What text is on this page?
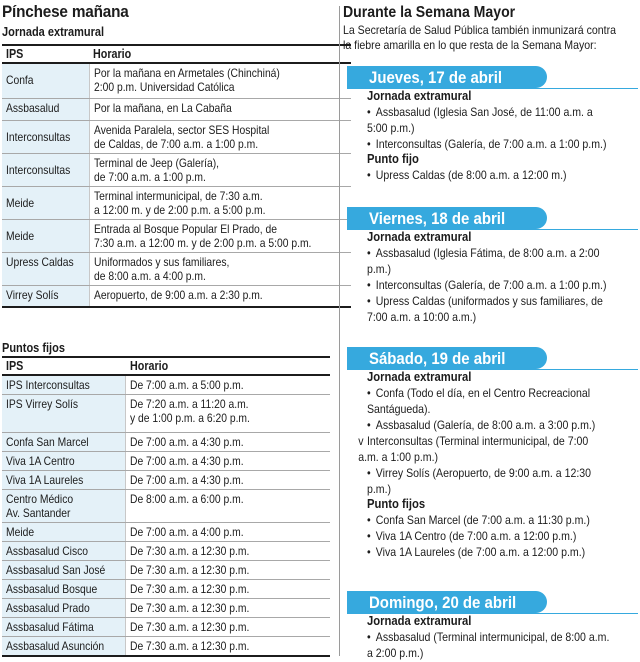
Pínchese mañana
Jornada extramural
IPS	Horario
Confa	Por la mañana en Armetales (Chinchiná)
2:00 p.m. Universidad Católica
Assbasalud	Por la mañana, en La Cabaña
Interconsultas	Avenida Paralela, sector SES Hospital
de Caldas, de 7:00 a.m. a 1:00 p.m.
Interconsultas	Terminal de Jeep (Galería),
de 7:00 a.m. a 1:00 p.m.
Meide	Terminal intermunicipal, de 7:30 a.m.
a 12:00 m. y de 2:00 p.m. a 5:00 p.m.
Meide	Entrada al Bosque Popular El Prado, de
7:30 a.m. a 12:00 m. y de 2:00 p.m. a 5:00 p.m.
Upress Caldas	Uniformados y sus familiares,
de 8:00 a.m. a 4:00 p.m.
Virrey Solís	Aeropuerto, de 9:00 a.m. a 2:30 p.m.
Puntos fijos
IPS	Horario
IPS Interconsultas	De 7:00 a.m. a 5:00 p.m.
IPS Virrey Solís	De 7:20 a.m. a 11:20 a.m.
y de 1:00 p.m. a 6:20 p.m.
Confa San Marcel	De 7:00 a.m. a 4:30 p.m.
Viva 1A Centro	De 7:00 a.m. a 4:30 p.m.
Viva 1A Laureles	De 7:00 a.m. a 4:30 p.m.
Centro Médico
Av. Santander	De 8:00 a.m. a 6:00 p.m.
Meide	De 7:00 a.m. a 4:00 p.m.
Assbasalud Cisco	De 7:30 a.m. a 12:30 p.m.
Assbasalud San José	De 7:30 a.m. a 12:30 p.m.
Assbasalud Bosque	De 7:30 a.m. a 12:30 p.m.
Assbasalud Prado	De 7:30 a.m. a 12:30 p.m.
Assbasalud Fátima	De 7:30 a.m. a 12:30 p.m.
Assbasalud Asunción	De 7:30 a.m. a 12:30 p.m.
Durante la Semana Mayor
La Secretaría de Salud Pública también inmunizará contra
la fiebre amarilla en lo que resta de la Semana Mayor:
Jueves, 17 de abril
Jornada extramural
• Assbasalud (Iglesia San José, de 11:00 a.m. a
5:00 p.m.)
• Interconsultas (Galería, de 7:00 a.m. a 1:00 p.m.)
Punto fijo
• Upress Caldas (de 8:00 a.m. a 12:00 m.)
Viernes, 18 de abril
Jornada extramural
• Assbasalud (Iglesia Fátima, de 8:00 a.m. a 2:00
p.m.)
• Interconsultas (Galería, de 7:00 a.m. a 1:00 p.m.)
• Upress Caldas (uniformados y sus familiares, de
7:00 a.m. a 10:00 a.m.)
Sábado, 19 de abril
Jornada extramural
• Confa (Todo el día, en el Centro Recreacional
Santágueda).
• Assbasalud (Galería, de 8:00 a.m. a 3:00 p.m.)
v Interconsultas (Terminal intermunicipal, de 7:00
a.m. a 1:00 p.m.)
• Virrey Solís (Aeropuerto, de 9:00 a.m. a 12:30
p.m.)
Punto fijos
• Confa San Marcel (de 7:00 a.m. a 11:30 p.m.)
• Viva 1A Centro (de 7:00 a.m. a 12:00 p.m.)
• Viva 1A Laureles (de 7:00 a.m. a 12:00 p.m.)
Domingo, 20 de abril
Jornada extramural
• Assbasalud (Terminal intermunicipal, de 8:00 a.m.
a 2:00 p.m.)
